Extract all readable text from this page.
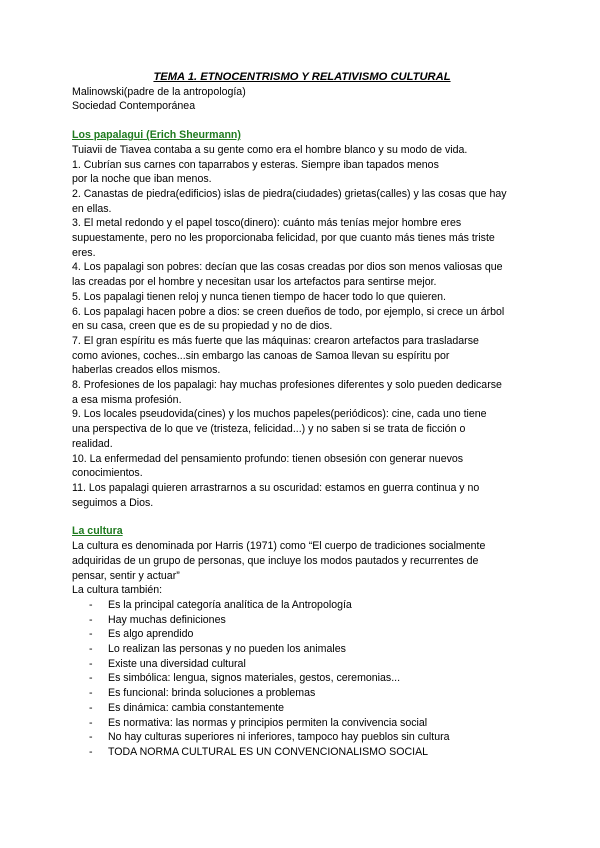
TEMA 1. ETNOCENTRISMO Y RELATIVISMO CULTURAL

Malinowski(padre de la antropología)

Sociedad Contemporánea

Los papalagui (Erich Sheurmann)

Tuiavii de Tiavea contaba a su gente como era el hombre blanco y su modo de vida.

1. Cubrían sus carnes con taparrabos y esteras. Siempre iban tapados menos

por la noche que iban menos.

2. Canastas de piedra(edificios) islas de piedra(ciudades) grietas(calles) y las cosas que hay

en ellas.

3. El metal redondo y el papel tosco(dinero): cuánto más tenías mejor hombre eres

supuestamente, pero no les proporcionaba felicidad, por que cuanto más tienes más triste

eres.

4. Los papalagi son pobres: decían que las cosas creadas por dios son menos valiosas que

las creadas por el hombre y necesitan usar los artefactos para sentirse mejor.

5. Los papalagi tienen reloj y nunca tienen tiempo de hacer todo lo que quieren.

6. Los papalagi hacen pobre a dios: se creen dueños de todo, por ejemplo, si crece un árbol

en su casa, creen que es de su propiedad y no de dios.

7. El gran espíritu es más fuerte que las máquinas: crearon artefactos para trasladarse

como aviones, coches...sin embargo las canoas de Samoa llevan su espíritu por

haberlas creados ellos mismos.

8. Profesiones de los papalagi: hay muchas profesiones diferentes y solo pueden dedicarse

a esa misma profesión.

9. Los locales pseudovida(cines) y los muchos papeles(periódicos): cine, cada uno tiene

una perspectiva de lo que ve (tristeza, felicidad...) y no saben si se trata de ficción o

realidad.

10. La enfermedad del pensamiento profundo: tienen obsesión con generar nuevos

conocimientos.

11. Los papalagi quieren arrastrarnos a su oscuridad: estamos en guerra continua y no

seguimos a Dios.

La cultura

La cultura es denominada por Harris (1971) como “El cuerpo de tradiciones socialmente

adquiridas de un grupo de personas, que incluye los modos pautados y recurrentes de

pensar, sentir y actuar”

La cultura también:

- Es la principal categoría analítica de la Antropología
- Hay muchas definiciones
- Es algo aprendido
- Lo realizan las personas y no pueden los animales
- Existe una diversidad cultural
- Es simbólica: lengua, signos materiales, gestos, ceremonias...
- Es funcional: brinda soluciones a problemas
- Es dinámica: cambia constantemente
- Es normativa: las normas y principios permiten la convivencia social
- No hay culturas superiores ni inferiores, tampoco hay pueblos sin cultura
- TODA NORMA CULTURAL ES UN CONVENCIONALISMO SOCIAL
